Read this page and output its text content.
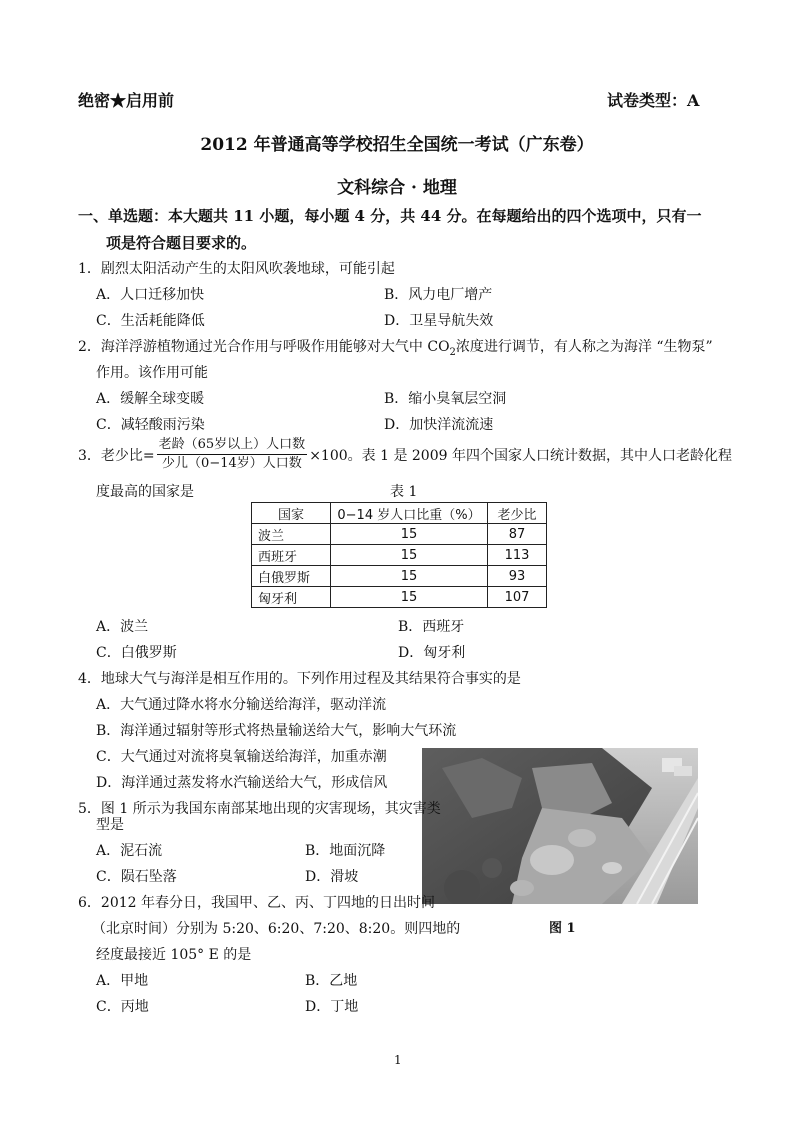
绝密★启用前	试卷类型：A
2012 年普通高等学校招生全国统一考试（广东卷）
文科综合 · 地理
一、单选题：本大题共 11 小题，每小题 4 分，共 44 分。在每题给出的四个选项中，只有一
项是符合题目要求的。
1．剧烈太阳活动产生的太阳风吹袭地球，可能引起
A．人口迁移加快	B．风力电厂增产
C．生活耗能降低	D．卫星导航失效
2．海洋浮游植物通过光合作用与呼吸作用能够对大气中 $CO_2$浓度进行调节，有人称之为海洋 “生物泵”
作用。该作用可能
A．缓解全球变暖	B．缩小臭氧层空洞
C．减轻酸雨污染	D．加快洋流流速
3．老少比= $\frac{\text{老龄（65岁以上）人口数}}{\text{少儿（0−14岁）人口数}} \times 100$。表 1 是 2009 年四个国家人口统计数据，其中人口老龄化程
度最高的国家是	表 1
国家	0−14 岁人口比重（%）	老少比
波兰	15	87
西班牙	15	113
白俄罗斯	15	93
匈牙利	15	107
A．波兰	B．西班牙
C．白俄罗斯	D．匈牙利
4．地球大气与海洋是相互作用的。下列作用过程及其结果符合事实的是
A．大气通过降水将水分输送给海洋，驱动洋流
B．海洋通过辐射等形式将热量输送给大气，影响大气环流
C．大气通过对流将臭氧输送给海洋，加重赤潮
D．海洋通过蒸发将水汽输送给大气，形成信风
图 1
5．图 1 所示为我国东南部某地出现的灾害现场，其灾害类
型是
A．泥石流	B．地面沉降
C．陨石坠落	D．滑坡
6．2012 年春分日，我国甲、乙、丙、丁四地的日出时间
（北京时间）分别为 5:20、6:20、7:20、8:20。则四地的
经度最接近 105° E 的是
A．甲地	B．乙地
C．丙地	D．丁地
1
